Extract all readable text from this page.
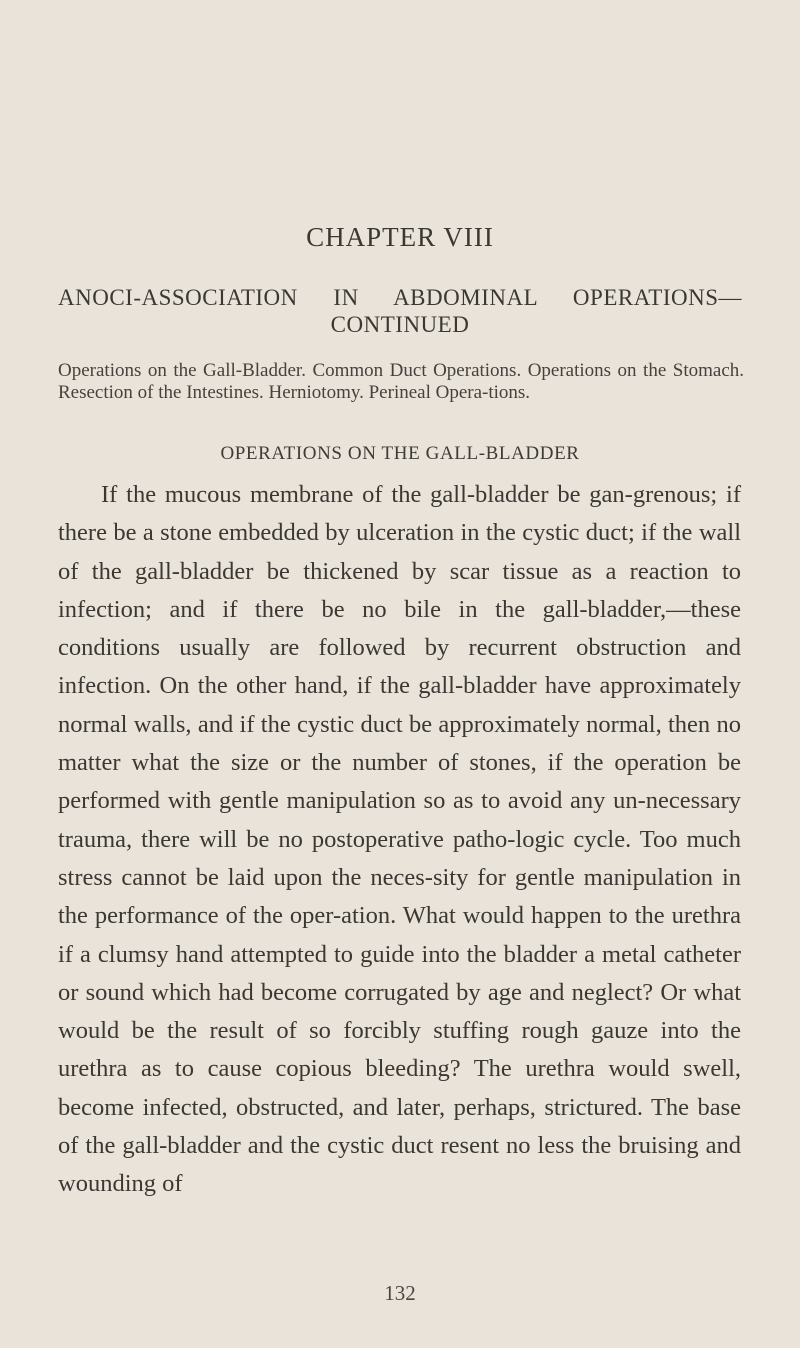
CHAPTER VIII
ANOCI-ASSOCIATION IN ABDOMINAL OPERATIONS—
CONTINUED
Operations on the Gall-Bladder. Common Duct Operations. Operations on the Stomach. Resection of the Intestines. Herniotomy. Perineal Opera-tions.
OPERATIONS ON THE GALL-BLADDER

If the mucous membrane of the gall-bladder be gan-grenous; if there be a stone embedded by ulceration in the cystic duct; if the wall of the gall-bladder be thickened by scar tissue as a reaction to infection; and if there be no bile in the gall-bladder,—these conditions usually are followed by recurrent obstruction and infection. On the other hand, if the gall-bladder have approximately normal walls, and if the cystic duct be approximately normal, then no matter what the size or the number of stones, if the operation be performed with gentle manipulation so as to avoid any un-necessary trauma, there will be no postoperative patho-logic cycle. Too much stress cannot be laid upon the neces-sity for gentle manipulation in the performance of the oper-ation. What would happen to the urethra if a clumsy hand attempted to guide into the bladder a metal catheter or sound which had become corrugated by age and neglect? Or what would be the result of so forcibly stuffing rough gauze into the urethra as to cause copious bleeding? The urethra would swell, become infected, obstructed, and later, perhaps, strictured. The base of the gall-bladder and the cystic duct resent no less the bruising and wounding of

132
